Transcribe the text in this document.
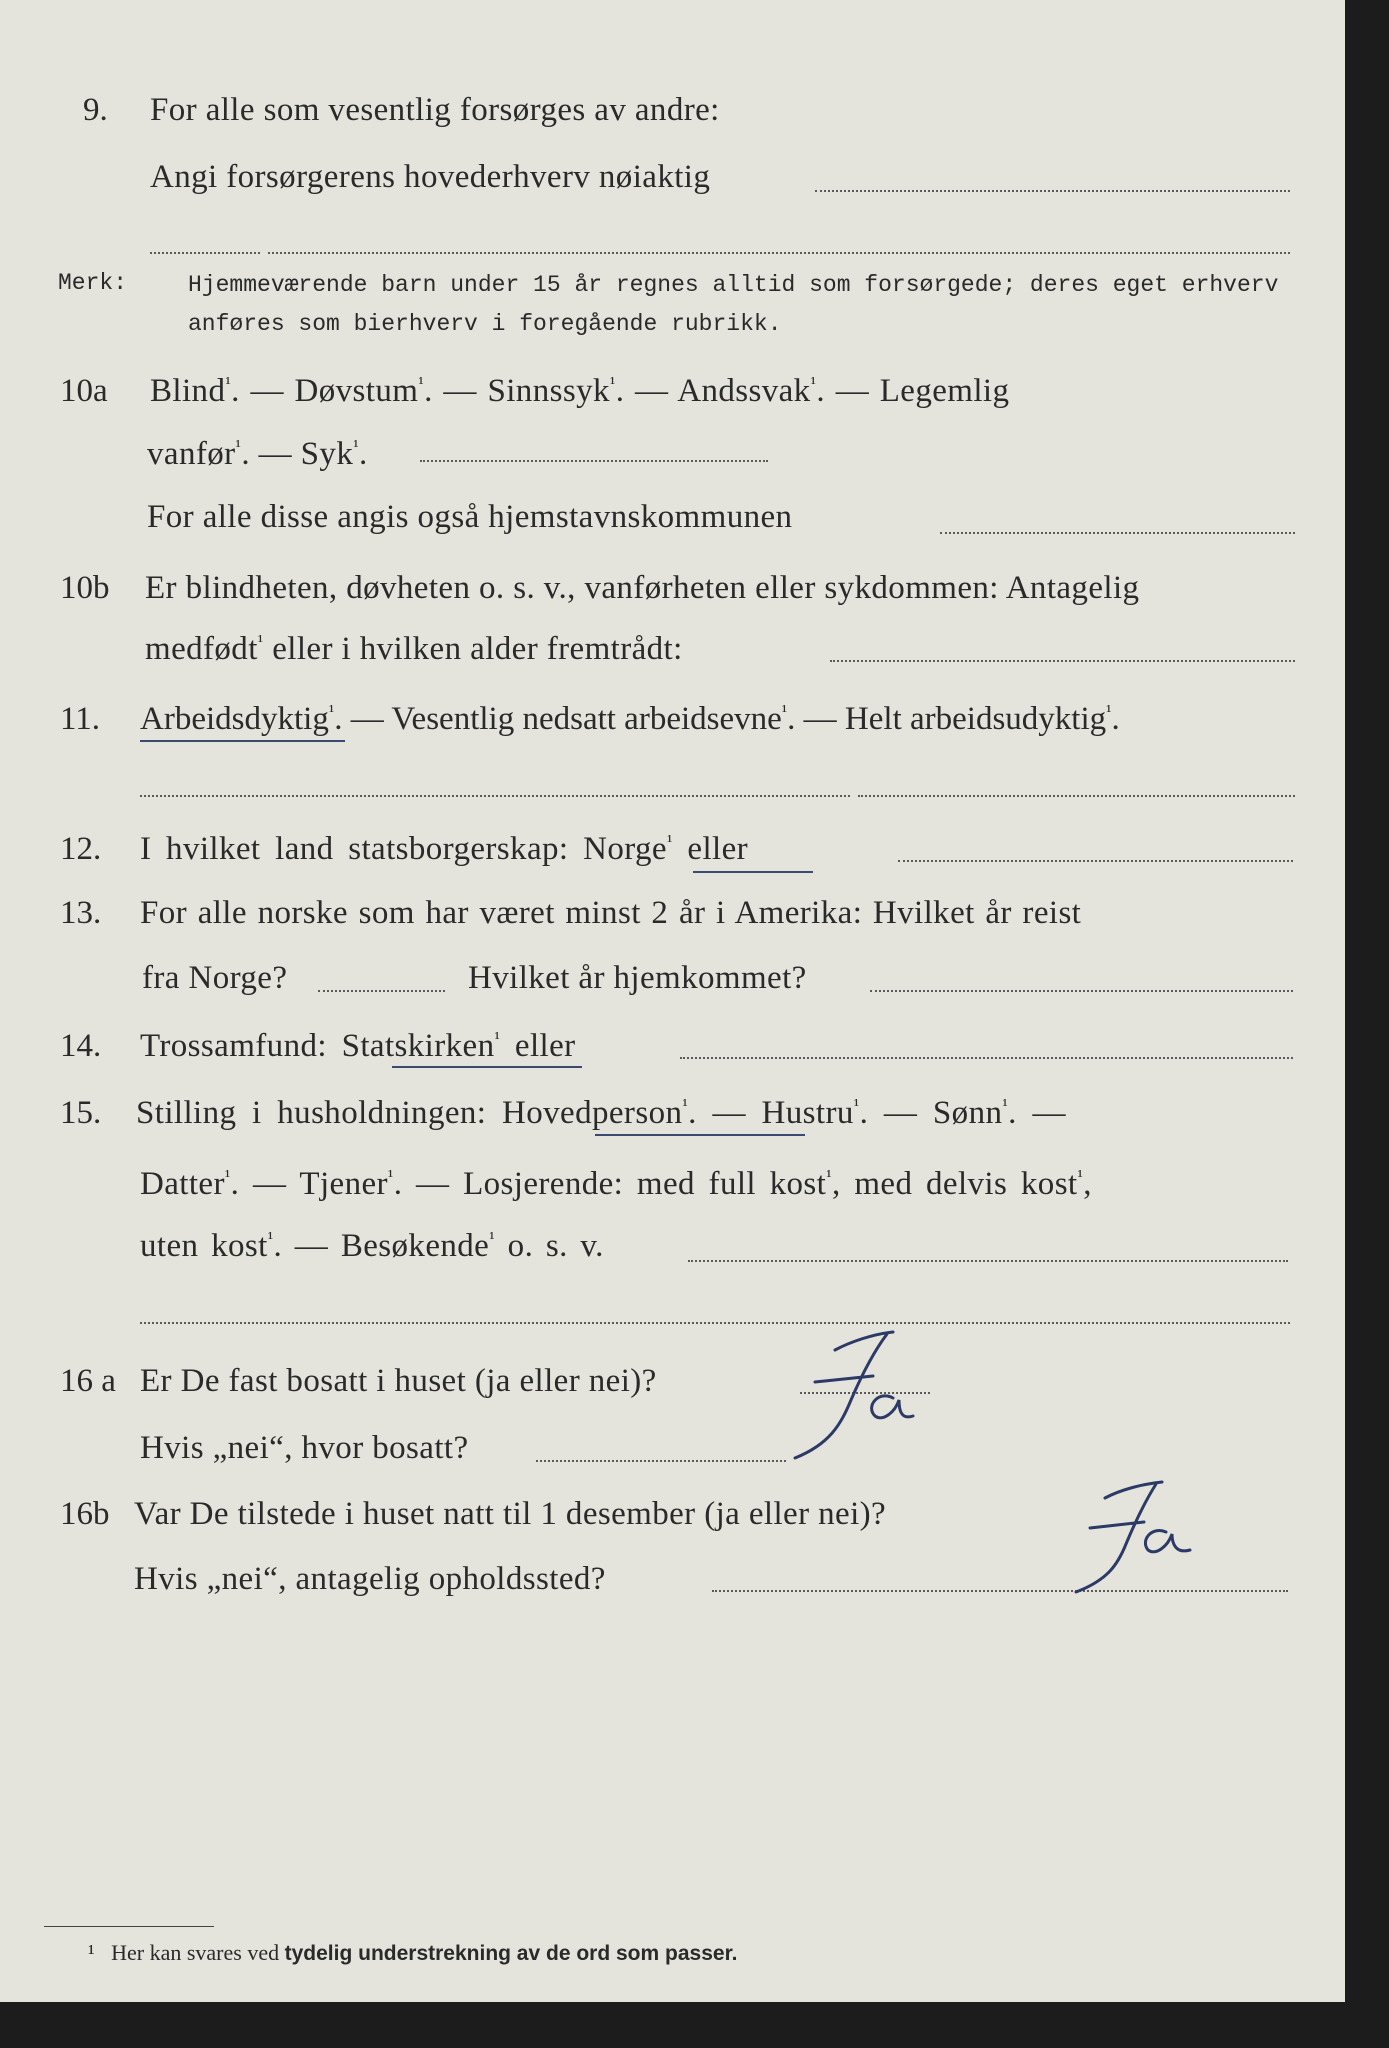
9. For alle som vesentlig forsørges av andre:
Angi forsørgerens hovederhverv nøiaktig
Merk:	Hjemmeværende barn under 15 år regnes alltid som forsørgede; deres eget erhverv
anføres som bierhverv i foregående rubrikk.
10a Blind$^{^1}$. — Døvstum$^{^1}$. — Sinnssyk$^{^1}$. — Andssvak$^{^1}$. — Legemlig
vanfør$^{^1}$. — Syk$^{^1}$.
For alle disse angis også hjemstavnskommunen
10b Er blindheten, døvheten o. s. v., vanførheten eller sykdommen: Antagelig
medfødt$^{^1}$ eller i hvilken alder fremtrådt:
11. Arbeidsdyktig$^{^1}$. — Vesentlig nedsatt arbeidsevne$^{^1}$. — Helt arbeidsudyktig$^{^1}$.
12. I hvilket land statsborgerskap: Norge$^{^1}$ eller
13. For alle norske som har været minst 2 år i Amerika: Hvilket år reist
fra Norge?	Hvilket år hjemkommet?
14. Trossamfund: Statskirken$^{^1}$ eller
15. Stilling i husholdningen: Hovedperson$^{^1}$. — Hustru$^{^1}$. — Sønn$^{^1}$. —
Datter$^{^1}$. — Tjener$^{^1}$. — Losjerende: med full kost$^{^1}$, med delvis kost$^{^1}$,
uten kost$^{^1}$. — Besøkende$^{^1}$ o. s. v.
16 a Er De fast bosatt i huset (ja eller nei)?
Hvis „nei“, hvor bosatt?
16b Var De tilstede i huset natt til 1 desember (ja eller nei)?
Hvis „nei“, antagelig opholdssted?
¹ Her kan svares ved tydelig understrekning av de ord som passer.
